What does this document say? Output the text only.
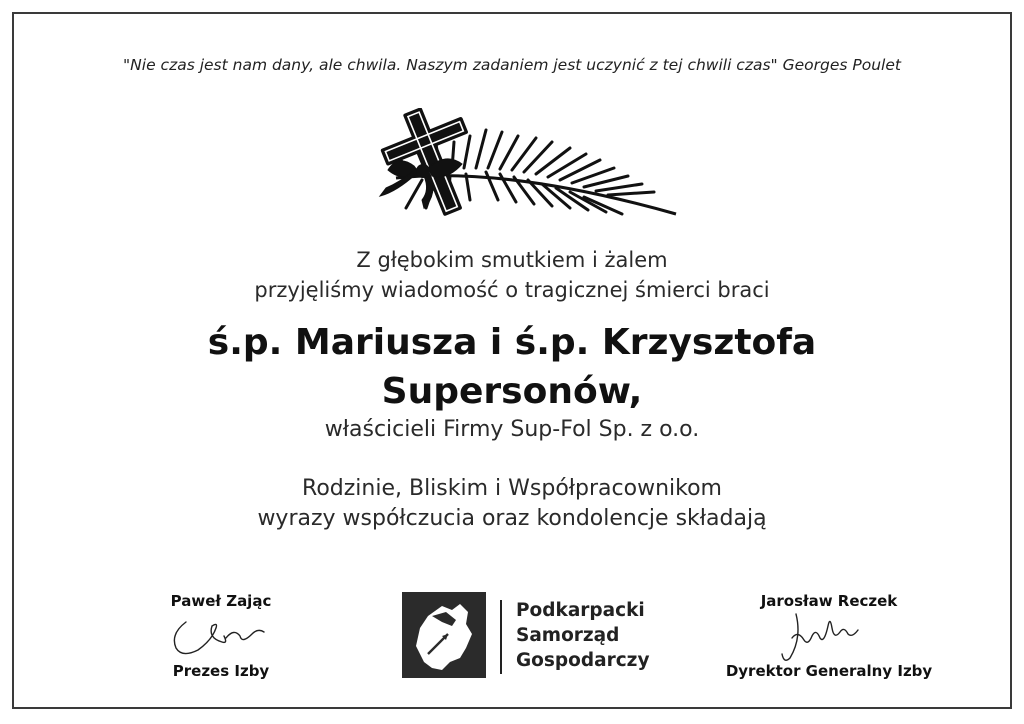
"Nie czas jest nam dany, ale chwila. Naszym zadaniem jest uczynić z tej chwili czas" Georges Poulet
Z głębokim smutkiem i żalem
przyjęliśmy wiadomość o tragicznej śmierci braci
ś.p. Mariusza i ś.p. Krzysztofa
Supersonów,
właścicieli Firmy Sup-Fol Sp. z o.o.
Rodzinie, Bliskim i Współpracownikom
wyrazy współczucia oraz kondolencje składają
Paweł Zając
Prezes Izby
Podkarpacki
Samorząd
Gospodarczy
Jarosław Reczek
Dyrektor Generalny Izby
